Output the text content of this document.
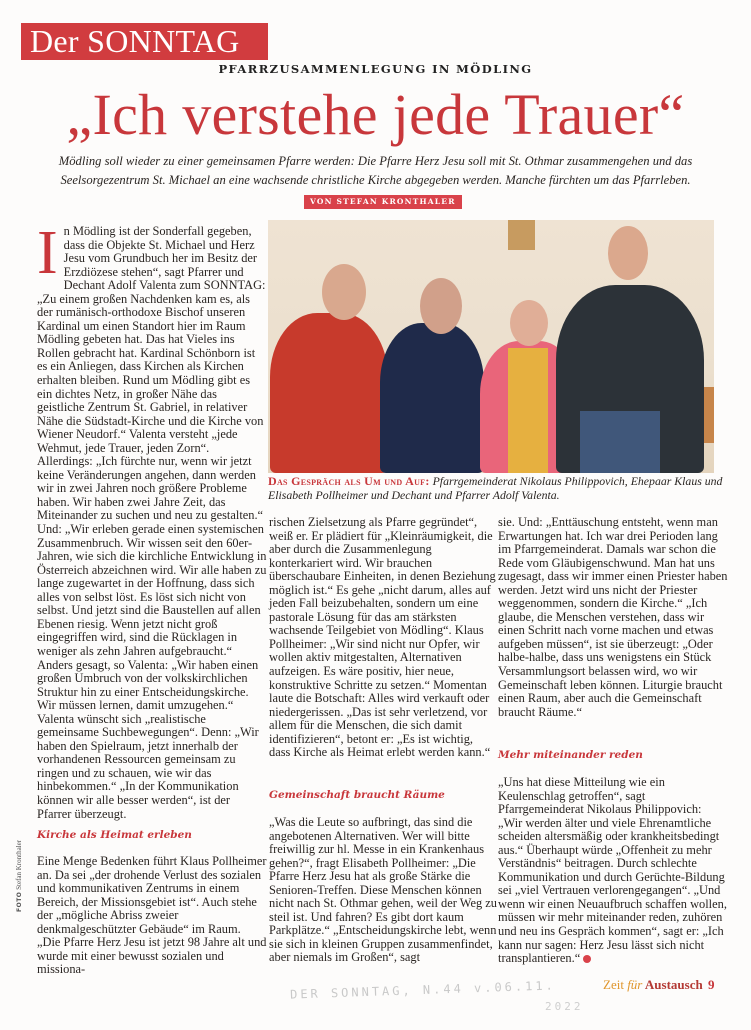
Der SONNTAG
PFARRZUSAMMENLEGUNG IN MÖDLING
„Ich verstehe jede Trauer“
Mödling soll wieder zu einer gemeinsamen Pfarre werden: Die Pfarre Herz Jesu soll mit St. Othmar zusammengehen und das Seelsorgezentrum St. Michael an eine wachsende christliche Kirche abgegeben werden. Manche fürchten um das Pfarrleben.
VON STEFAN KRONTHALER
I n Mödling ist der Sonderfall gegeben, dass die Objekte St. Michael und Herz Jesu vom Grundbuch her im Besitz der Erzdiözese stehen“, sagt Pfarrer und Dechant Adolf Valenta zum SONNTAG: „Zu einem großen Nachdenken kam es, als der rumänisch-orthodoxe Bischof unseren Kardinal um einen Standort hier im Raum Mödling gebeten hat. Das hat Vieles ins Rollen gebracht hat. Kardinal Schönborn ist es ein Anliegen, dass Kirchen als Kirchen erhalten bleiben. Rund um Mödling gibt es ein dichtes Netz, in großer Nähe das geistliche Zentrum St. Gabriel, in relativer Nähe die Südstadt-Kirche und die Kirche von Wiener Neudorf.“ Valenta versteht „jede Wehmut, jede Trauer, jeden Zorn“. Allerdings: „Ich fürchte nur, wenn wir jetzt keine Veränderungen angehen, dann werden wir in zwei Jahren noch größere Probleme haben. Wir haben zwei Jahre Zeit, das Miteinander zu suchen und neu zu gestalten.“ Und: „Wir erleben gerade einen systemischen Zusammenbruch. Wir wissen seit den 60er-Jahren, wie sich die kirchliche Entwicklung in Österreich abzeichnen wird. Wir alle haben zu lange zugewartet in der Hoffnung, dass sich alles von selbst löst. Es löst sich nicht von selbst. Und jetzt sind die Baustellen auf allen Ebenen riesig. Wenn jetzt nicht groß eingegriffen wird, sind die Rücklagen in weniger als zehn Jahren aufgebraucht.“ Anders gesagt, so Valenta: „Wir haben einen großen Umbruch von der volkskirchlichen Struktur hin zu einer Entscheidungskirche. Wir müssen lernen, damit umzugehen.“ Valenta wünscht sich „realistische gemeinsame Suchbewegungen“. Denn: „Wir haben den Spielraum, jetzt innerhalb der vorhandenen Ressourcen gemeinsam zu ringen und zu schauen, wie wir das hinbekommen.“ „In der Kommunikation können wir alle besser werden“, ist der Pfarrer überzeugt.

Kirche als Heimat erleben

Eine Menge Bedenken führt Klaus Pollheimer an. Da sei „der drohende Verlust des sozialen und kommunikativen Zentrums in einem Bereich, der Missionsgebiet ist“. Auch stehe der „mögliche Abriss zweier denkmalgeschützter Gebäude“ im Raum. „Die Pfarre Herz Jesu ist jetzt 98 Jahre alt und wurde mit einer bewusst sozialen und missiona-

Das Gespräch als Um und Auf: Pfarrgemeinderat Nikolaus Philippovich, Ehepaar Klaus und Elisabeth Pollheimer und Dechant und Pfarrer Adolf Valenta.
FOTO Stefan Kronthaler

rischen Zielsetzung als Pfarre gegründet“, weiß er. Er plädiert für „Kleinräumigkeit, die aber durch die Zusammenlegung konterkariert wird. Wir brauchen überschaubare Einheiten, in denen Beziehung möglich ist.“ Es gehe „nicht darum, alles auf jeden Fall beizubehalten, sondern um eine pastorale Lösung für das am stärksten wachsende Teilgebiet von Mödling“. Klaus Pollheimer: „Wir sind nicht nur Opfer, wir wollen aktiv mitgestalten, Alternativen aufzeigen. Es wäre positiv, hier neue, konstruktive Schritte zu setzen.“ Momentan laute die Botschaft: Alles wird verkauft oder niedergerissen. „Das ist sehr verletzend, vor allem für die Menschen, die sich damit identifizieren“, betont er: „Es ist wichtig, dass Kirche als Heimat erlebt werden kann.“

Gemeinschaft braucht Räume

„Was die Leute so aufbringt, das sind die angebotenen Alternativen. Wer will bitte freiwillig zur hl. Messe in ein Krankenhaus gehen?“, fragt Elisabeth Pollheimer: „Die Pfarre Herz Jesu hat als große Stärke die Senioren-Treffen. Diese Menschen können nicht nach St. Othmar gehen, weil der Weg zu steil ist. Und fahren? Es gibt dort kaum Parkplätze.“ „Entscheidungskirche lebt, wenn sie sich in kleinen Gruppen zusammenfindet, aber niemals im Großen“, sagt

sie. Und: „Enttäuschung entsteht, wenn man Erwartungen hat. Ich war drei Perioden lang im Pfarrgemeinderat. Damals war schon die Rede vom Gläubigenschwund. Man hat uns zugesagt, dass wir immer einen Priester haben werden. Jetzt wird uns nicht der Priester weggenommen, sondern die Kirche.“ „Ich glaube, die Menschen verstehen, dass wir einen Schritt nach vorne machen und etwas aufgeben müssen“, ist sie überzeugt: „Oder halbe-halbe, dass uns wenigstens ein Stück Versammlungsort belassen wird, wo wir Gemeinschaft leben können. Liturgie braucht einen Raum, aber auch die Gemeinschaft braucht Räume.“

Mehr miteinander reden

„Uns hat diese Mitteilung wie ein Keulenschlag getroffen“, sagt Pfarrgemeinderat Nikolaus Philippovich: „Wir werden älter und viele Ehrenamtliche scheiden altersmäßig oder krankheitsbedingt aus.“ Überhaupt würde „Offenheit zu mehr Verständnis“ beitragen. Durch schlechte Kommunikation und durch Gerüchte-Bildung sei „viel Vertrauen verlorengegangen“. „Und wenn wir einen Neuaufbruch schaffen wollen, müssen wir mehr miteinander reden, zuhören und neu ins Gespräch kommen“, sagt er: „Ich kann nur sagen: Herz Jesu lässt sich nicht transplantieren.“

DER SONNTAG, N.44 v.06.11.
2022
Zeit für Austausch 9
